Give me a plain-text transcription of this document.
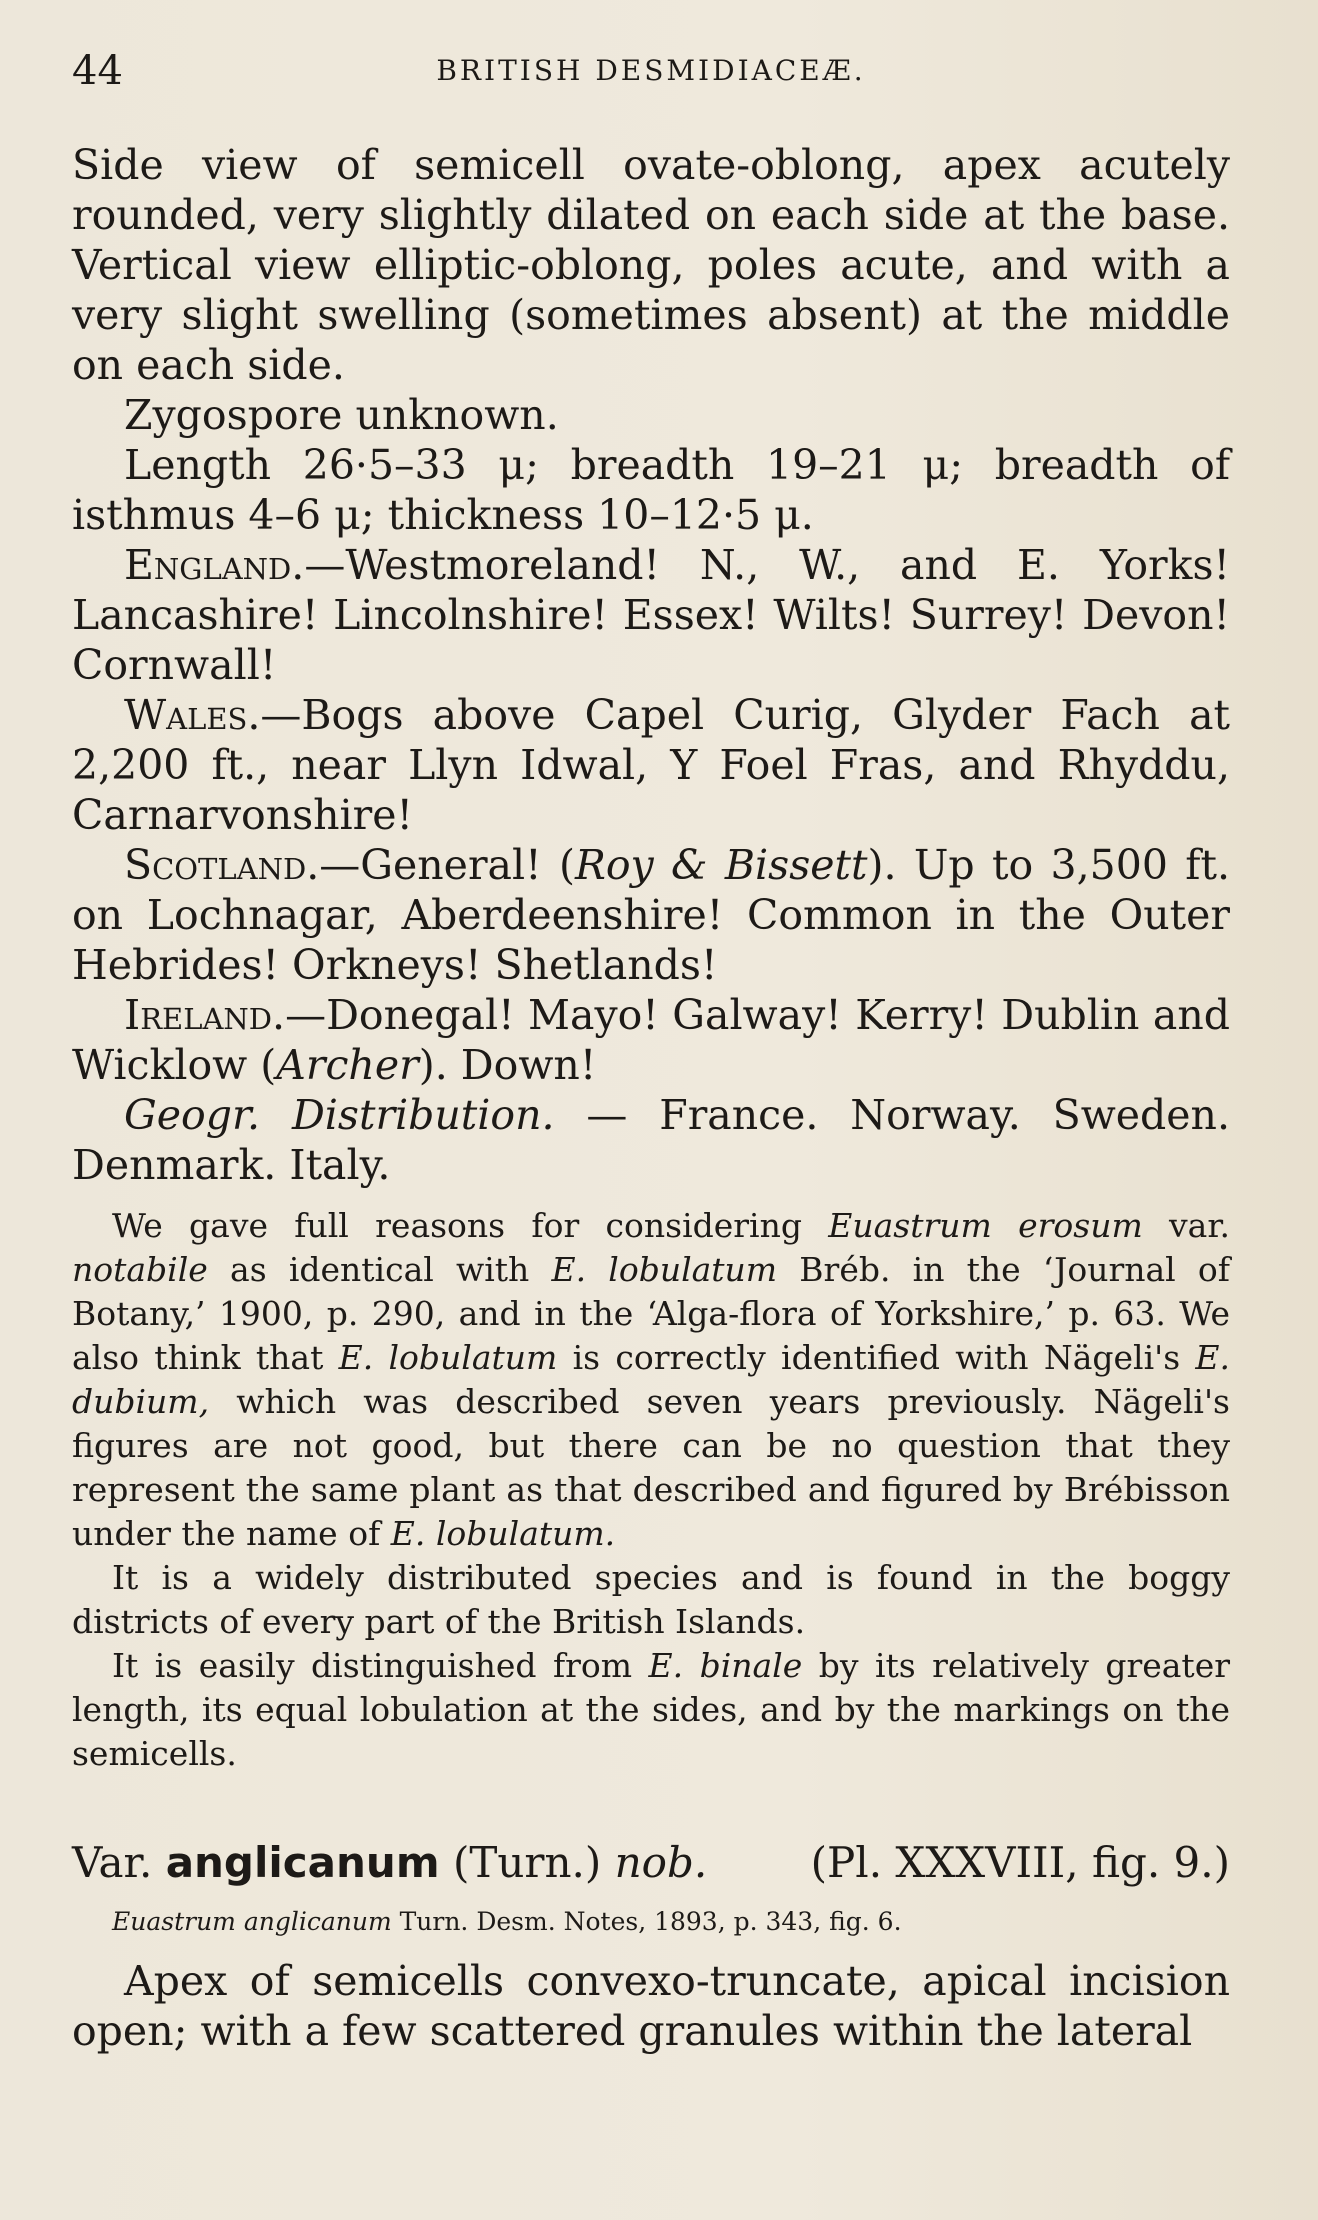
44	BRITISH DESMIDIACEÆ.

Side view of semicell ovate-oblong, apex acutely rounded, very slightly dilated on each side at the base. Vertical view elliptic-oblong, poles acute, and with a very slight swelling (sometimes absent) at the middle on each side.

Zygospore unknown.

Length 26·5–33 μ; breadth 19–21 μ; breadth of isthmus 4–6 μ; thickness 10–12·5 μ.

England.—Westmoreland! N., W., and E. Yorks! Lancashire! Lincolnshire! Essex! Wilts! Surrey! Devon! Cornwall!

Wales.—Bogs above Capel Curig, Glyder Fach at 2,200 ft., near Llyn Idwal, Y Foel Fras, and Rhyddu, Carnarvonshire!

Scotland.—General! (Roy & Bissett). Up to 3,500 ft. on Lochnagar, Aberdeenshire! Common in the Outer Hebrides! Orkneys! Shetlands!

Ireland.—Donegal! Mayo! Galway! Kerry! Dublin and Wicklow (Archer). Down!

Geogr. Distribution. — France. Norway. Sweden. Denmark. Italy.

We gave full reasons for considering Euastrum erosum var. notabile as identical with E. lobulatum Bréb. in the ‘Journal of Botany,’ 1900, p. 290, and in the ‘Alga-flora of Yorkshire,’ p. 63. We also think that E. lobulatum is correctly identified with Nägeli's E. dubium, which was described seven years previously. Nägeli's figures are not good, but there can be no question that they represent the same plant as that described and figured by Brébisson under the name of E. lobulatum.

It is a widely distributed species and is found in the boggy districts of every part of the British Islands.

It is easily distinguished from E. binale by its relatively greater length, its equal lobulation at the sides, and by the markings on the semicells.

Var. anglicanum (Turn.) nob. (Pl. XXXVIII, fig. 9.)

Euastrum anglicanum Turn. Desm. Notes, 1893, p. 343, fig. 6.

Apex of semicells convexo-truncate, apical incision open; with a few scattered granules within the lateral
